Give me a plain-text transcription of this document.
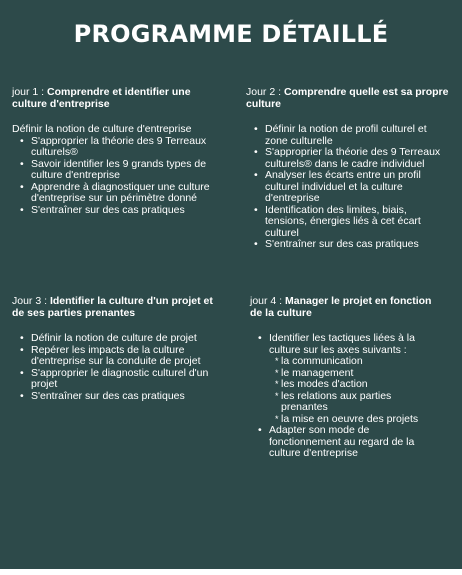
PROGRAMME DÉTAILLÉ

jour 1 : Comprendre et identifier une culture d'entreprise

Définir la notion de culture d'entreprise

• S'approprier la théorie des 9 Terreaux culturels®
• Savoir identifier les 9 grands types de culture d'entreprise
• Apprendre à diagnostiquer une culture d'entreprise sur un périmètre donné
• S'entraîner sur des cas pratiques

Jour 2 : Comprendre quelle est sa propre culture

• Définir la notion de profil culturel et zone culturelle
• S'approprier la théorie des 9 Terreaux culturels® dans le cadre individuel
• Analyser les écarts entre un profil culturel individuel et la culture d'entreprise
• Identification des limites, biais, tensions, énergies liés à cet écart culturel
• S'entraîner sur des cas pratiques

Jour 3 : Identifier la culture d'un projet et de ses parties prenantes

• Définir la notion de culture de projet
• Repérer les impacts de la culture d'entreprise sur la conduite de projet
• S'approprier le diagnostic culturel d'un projet
• S'entraîner sur des cas pratiques

jour 4 : Manager le projet en fonction de la culture

• Identifier les tactiques liées à la culture sur les axes suivants :
* la communication
* le management
* les modes d'action
* les relations aux parties prenantes
* la mise en oeuvre des projets
• Adapter son mode de fonctionnement au regard de la culture d'entreprise
